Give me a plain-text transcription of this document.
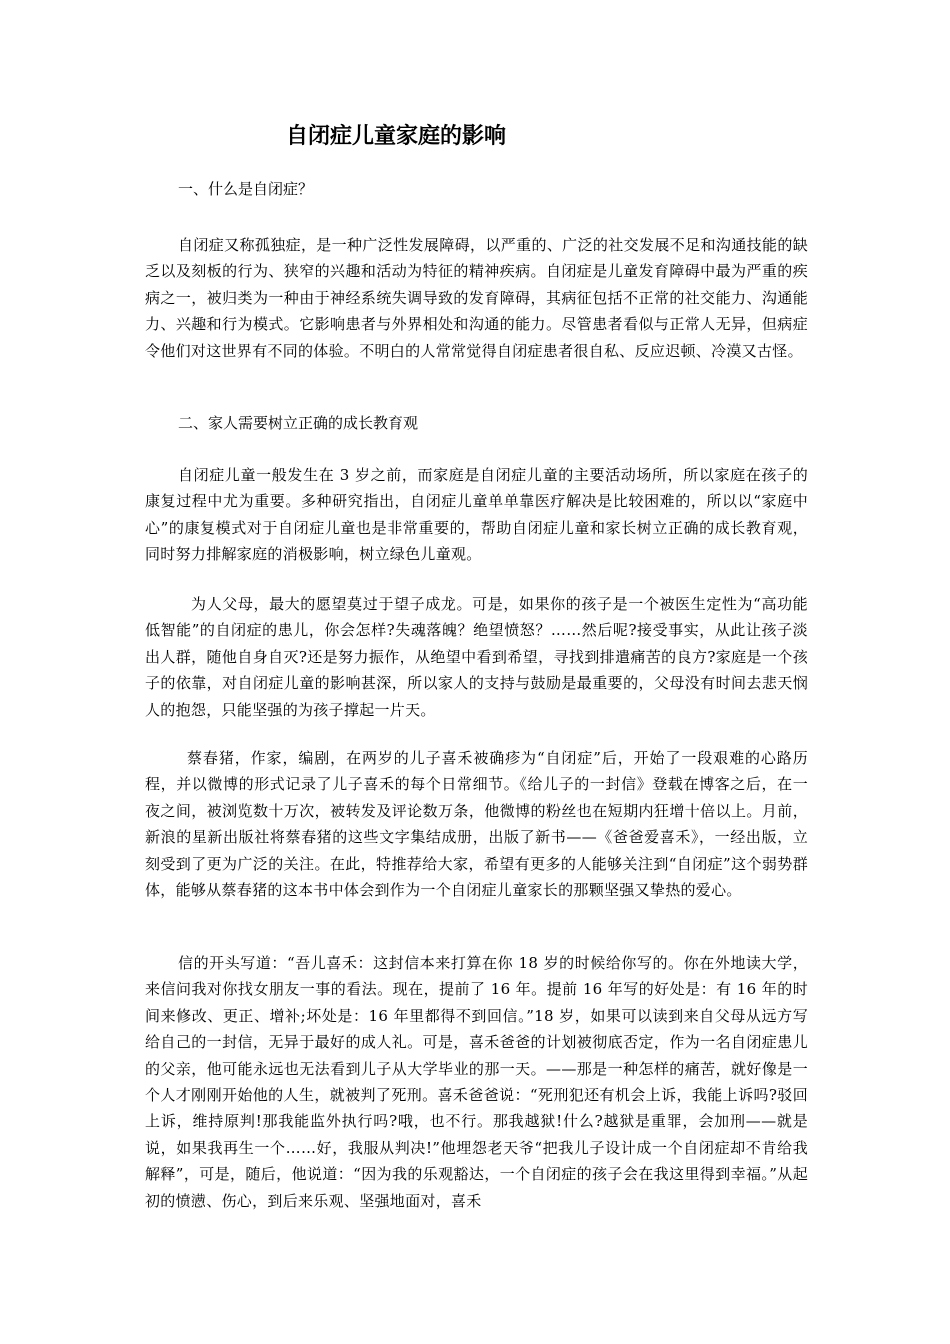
自闭症儿童家庭的影响

一、什么是自闭症？

自闭症又称孤独症，是一种广泛性发展障碍，以严重的、广泛的社交发展不足和沟通技能的缺乏以及刻板的行为、狭窄的兴趣和活动为特征的精神疾病。自闭症是儿童发育障碍中最为严重的疾病之一，被归类为一种由于神经系统失调导致的发育障碍，其病征包括不正常的社交能力、沟通能力、兴趣和行为模式。它影响患者与外界相处和沟通的能力。尽管患者看似与正常人无异，但病症令他们对这世界有不同的体验。不明白的人常常觉得自闭症患者很自私、反应迟顿、冷漠又古怪。

二、家人需要树立正确的成长教育观

自闭症儿童一般发生在 3 岁之前，而家庭是自闭症儿童的主要活动场所，所以家庭在孩子的康复过程中尤为重要。多种研究指出，自闭症儿童单单靠医疗解决是比较困难的，所以以“家庭中心”的康复模式对于自闭症儿童也是非常重要的，帮助自闭症儿童和家长树立正确的成长教育观，同时努力排解家庭的消极影响，树立绿色儿童观。

为人父母，最大的愿望莫过于望子成龙。可是，如果你的孩子是一个被医生定性为“高功能低智能”的自闭症的患儿，你会怎样?失魂落魄？绝望愤怒？……然后呢?接受事实，从此让孩子淡出人群，随他自身自灭?还是努力振作，从绝望中看到希望，寻找到排遣痛苦的良方?家庭是一个孩子的依靠，对自闭症儿童的影响甚深，所以家人的支持与鼓励是最重要的，父母没有时间去悲天悯人的抱怨，只能坚强的为孩子撑起一片天。

蔡春猪，作家，编剧，在两岁的儿子喜禾被确疹为“自闭症”后，开始了一段艰难的心路历程，并以微博的形式记录了儿子喜禾的每个日常细节。《给儿子的一封信》登载在博客之后，在一夜之间，被浏览数十万次，被转发及评论数万条，他微博的粉丝也在短期内狂增十倍以上。月前，新浪的星新出版社将蔡春猪的这些文字集结成册，出版了新书——《爸爸爱喜禾》，一经出版，立刻受到了更为广泛的关注。在此，特推荐给大家，希望有更多的人能够关注到“自闭症”这个弱势群体，能够从蔡春猪的这本书中体会到作为一个自闭症儿童家长的那颗坚强又挚热的爱心。

信的开头写道：“吾儿喜禾：这封信本来打算在你 18 岁的时候给你写的。你在外地读大学，来信问我对你找女朋友一事的看法。现在，提前了 16 年。提前 16 年写的好处是：有 16 年的时间来修改、更正、增补;坏处是：16 年里都得不到回信。”18 岁，如果可以读到来自父母从远方写给自己的一封信，无异于最好的成人礼。可是，喜禾爸爸的计划被彻底否定，作为一名自闭症患儿的父亲，他可能永远也无法看到儿子从大学毕业的那一天。——那是一种怎样的痛苦，就好像是一个人才刚刚开始他的人生，就被判了死刑。喜禾爸爸说：“死刑犯还有机会上诉，我能上诉吗?驳回上诉，维持原判!那我能监外执行吗?哦，也不行。那我越狱!什么?越狱是重罪，会加刑——就是说，如果我再生一个……好，我服从判决!”他埋怨老天爷“把我儿子设计成一个自闭症却不肯给我解释”，可是，随后，他说道：“因为我的乐观豁达，一个自闭症的孩子会在我这里得到幸福。”从起初的愤懑、伤心，到后来乐观、坚强地面对，喜禾
